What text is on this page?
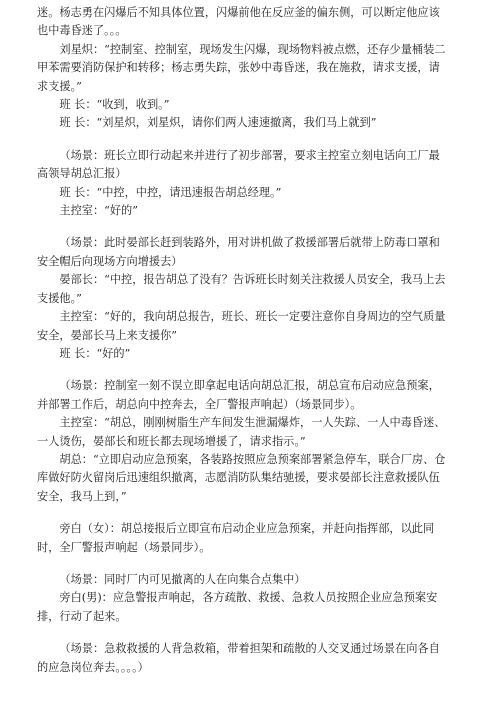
迷。杨志勇在闪爆后不知具体位置，闪爆前他在反应釜的偏东侧，可以断定他应该也中毒昏迷了。。。

刘星炽：“控制室、控制室，现场发生闪爆，现场物料被点燃，还存少量桶装二甲苯需要消防保护和转移；杨志勇失踪，张妙中毒昏迷，我在施救，请求支援，请求支援。”

班 长：“收到，收到。”

班 长：“刘星炽，刘星炽，请你们两人速速撤离，我们马上就到”

（场景：班长立即行动起来并进行了初步部署，要求主控室立刻电话向工厂最高领导胡总汇报）

班 长：“中控，中控，请迅速报告胡总经理。”

主控室：“好的”

（场景：此时晏部长赶到装路外，用对讲机做了救援部署后就带上防毒口罩和安全帽后向现场方向增援去）

晏部长：“中控，报告胡总了没有？告诉班长时刻关注救援人员安全，我马上去支援他。”

主控室：“好的，我向胡总报告，班长、班长一定要注意你自身周边的空气质量安全，晏部长马上来支援你”

班 长：“好的”

（场景：控制室一刻不误立即拿起电话向胡总汇报，胡总宣布启动应急预案，并部署工作后，胡总向中控奔去，全厂警报声响起）（场景同步）。

主控室：“胡总，刚刚树脂生产车间发生泄漏爆炸，一人失踪、一人中毒昏迷、一人烫伤，晏部长和班长都去现场增援了，请求指示。”

胡总：“立即启动应急预案，各装路按照应急预案部署紧急停车，联合厂房、仓库做好防火留岗后迅速组织撤离，志愿消防队集结驰援，要求晏部长注意救援队伍安全，我马上到，”

旁白（女）：胡总接报后立即宣布启动企业应急预案，并赶向指挥部，以此同时，全厂警报声响起（场景同步）。

（场景：同时厂内可见撤离的人在向集合点集中）

旁白(男)：应急警报声响起，各方疏散、救援、急救人员按照企业应急预案安排，行动了起来。

（场景：急救救援的人背急救箱，带着担架和疏散的人交叉通过场景在向各自的应急岗位奔去。。。。）
